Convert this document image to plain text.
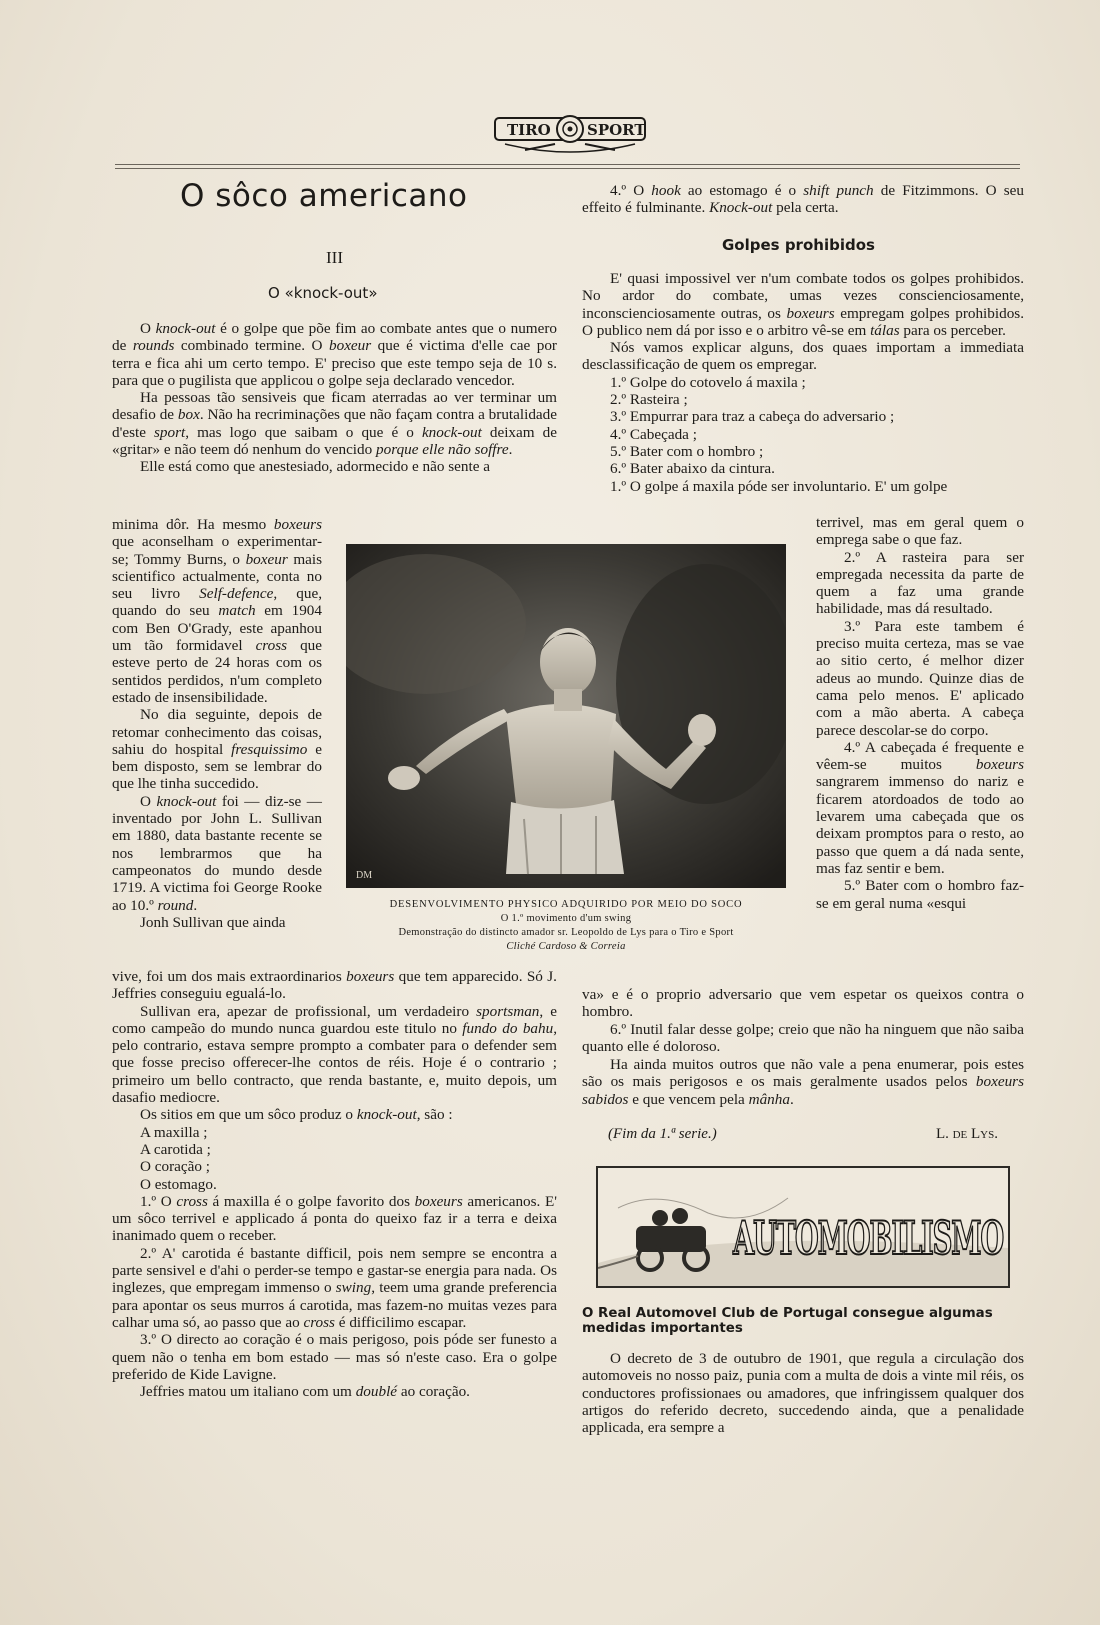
TIRO SPORT
O sôco americano
III
O «knock-out»

O knock-out é o golpe que põe fim ao combate antes que o numero de rounds combinado termine. O boxeur que é victima d'elle cae por terra e fica ahi um certo tempo. E' preciso que este tempo seja de 10 s. para que o pugilista que applicou o golpe seja declarado vencedor.

Ha pessoas tão sensiveis que ficam aterradas ao ver terminar um desafio de box. Não ha recriminações que não façam contra a brutalidade d'este sport, mas logo que saibam o que é o knock-out deixam de «gritar» e não teem dó nenhum do vencido porque elle não soffre.

Elle está como que anestesiado, adormecido e não sente a

minima dôr. Ha mesmo boxeurs que aconselham o experimentar-se; Tommy Burns, o boxeur mais scientifico actualmente, conta no seu livro Self-defence, que, quando do seu match em 1904 com Ben O'Grady, este apanhou um tão formidavel cross que esteve perto de 24 horas com os sentidos perdidos, n'um completo estado de insensibilidade.

No dia seguinte, depois de retomar conhecimento das coisas, sahiu do hospital fresquissimo e bem disposto, sem se lembrar do que lhe tinha succedido.

O knock-out foi — diz-se — inventado por John L. Sullivan em 1880, data bastante recente se nos lembrarmos que ha campeonatos do mundo desde 1719. A victima foi George Rooke ao 10.º round.

Jonh Sullivan que ainda

DM
DESENVOLVIMENTO PHYSICO ADQUIRIDO POR MEIO DO SOCO
O 1.º movimento d'um swing
Demonstração do distincto amador sr. Leopoldo de Lys para o Tiro e Sport
Cliché Cardoso & Correia

vive, foi um dos mais extraordinarios boxeurs que tem apparecido. Só J. Jeffries conseguiu egualá-lo.

Sullivan era, apezar de profissional, um verdadeiro sportsman, e como campeão do mundo nunca guardou este titulo no fundo do bahu, pelo contrario, estava sempre prompto a combater para o defender sem que fosse preciso offerecer-lhe contos de réis. Hoje é o contrario ; primeiro um bello contracto, que renda bastante, e, muito depois, um dasafio mediocre.

Os sitios em que um sôco produz o knock-out, são :

A maxilla ;

A carotida ;

O coração ;

O estomago.

1.º O cross á maxilla é o golpe favorito dos boxeurs americanos. E' um sôco terrivel e applicado á ponta do queixo faz ir a terra e deixa inanimado quem o receber.

2.º A' carotida é bastante difficil, pois nem sempre se encontra a parte sensivel e d'ahi o perder-se tempo e gastar-se energia para nada. Os inglezes, que empregam immenso o swing, teem uma grande preferencia para apontar os seus murros á carotida, mas fazem-no muitas vezes para calhar uma só, ao passo que ao cross é difficilimo escapar.

3.º O directo ao coração é o mais perigoso, pois póde ser funesto a quem não o tenha em bom estado — mas só n'este caso. Era o golpe preferido de Kide Lavigne.

Jeffries matou um italiano com um doublé ao coração.

4.º O hook ao estomago é o shift punch de Fitzimmons. O seu effeito é fulminante. Knock-out pela certa.

Golpes prohibidos

E' quasi impossivel ver n'um combate todos os golpes prohibidos. No ardor do combate, umas vezes conscienciosamente, inconscienciosamente outras, os boxeurs empregam golpes prohibidos. O publico nem dá por isso e o arbitro vê-se em tálas para os perceber.

Nós vamos explicar alguns, dos quaes importam a immediata desclassificação de quem os empregar.

1.º Golpe do cotovelo á maxila ;

2.º Rasteira ;

3.º Empurrar para traz a cabeça do adversario ;

4.º Cabeçada ;

5.º Bater com o hombro ;

6.º Bater abaixo da cintura.

1.º O golpe á maxila póde ser involuntario. E' um golpe

terrivel, mas em geral quem o emprega sabe o que faz.

2.º A rasteira para ser empregada necessita da parte de quem a faz uma grande habilidade, mas dá resultado.

3.º Para este tambem é preciso muita certeza, mas se vae ao sitio certo, é melhor dizer adeus ao mundo. Quinze dias de cama pelo menos. E' aplicado com a mão aberta. A cabeça parece descolar-se do corpo.

4.º A cabeçada é frequente e vêem-se muitos boxeurs sangrarem immenso do nariz e ficarem atordoados de todo ao levarem uma cabeçada que os deixam promptos para o resto, ao passo que quem a dá nada sente, mas faz sentir e bem.

5.º Bater com o hombro faz-se em geral numa «esqui

va» e é o proprio adversario que vem espetar os queixos contra o hombro.

6.º Inutil falar desse golpe; creio que não ha ninguem que não saiba quanto elle é doloroso.

Ha ainda muitos outros que não vale a pena enumerar, pois estes são os mais perigosos e os mais geralmente usados pelos boxeurs sabidos e que vencem pela mânha.

(Fim da 1.ª serie.)	L. de Lys.
AUTOMOBILISMO
O Real Automovel Club de Portugal consegue algumas medidas importantes

O decreto de 3 de outubro de 1901, que regula a circulação dos automoveis no nosso paiz, punia com a multa de dois a vinte mil réis, os conductores profissionaes ou amadores, que infringissem qualquer dos artigos do referido decreto, succedendo ainda, que a penalidade applicada, era sempre a
